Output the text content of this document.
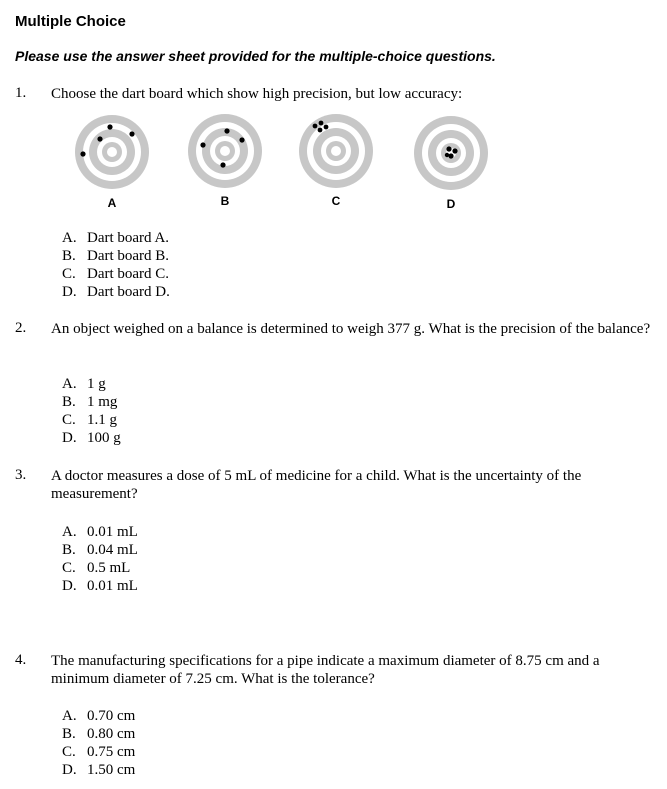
Multiple Choice
Please use the answer sheet provided for the multiple-choice questions.
1. Choose the dart board which show high precision, but low accuracy:
A	B	C	D
A. Dart board A.
B. Dart board B.
C. Dart board C.
D. Dart board D.
2. An object weighed on a balance is determined to weigh 377 g. What is the precision of the balance?
A. 1 g
B. 1 mg
C. 1.1 g
D. 100 g
3. A doctor measures a dose of 5 mL of medicine for a child. What is the uncertainty of the measurement?
A. 0.01 mL
B. 0.04 mL
C. 0.5 mL
D. 0.01 mL
4. The manufacturing specifications for a pipe indicate a maximum diameter of 8.75 cm and a minimum diameter of 7.25 cm. What is the tolerance?
A. 0.70 cm
B. 0.80 cm
C. 0.75 cm
D. 1.50 cm
